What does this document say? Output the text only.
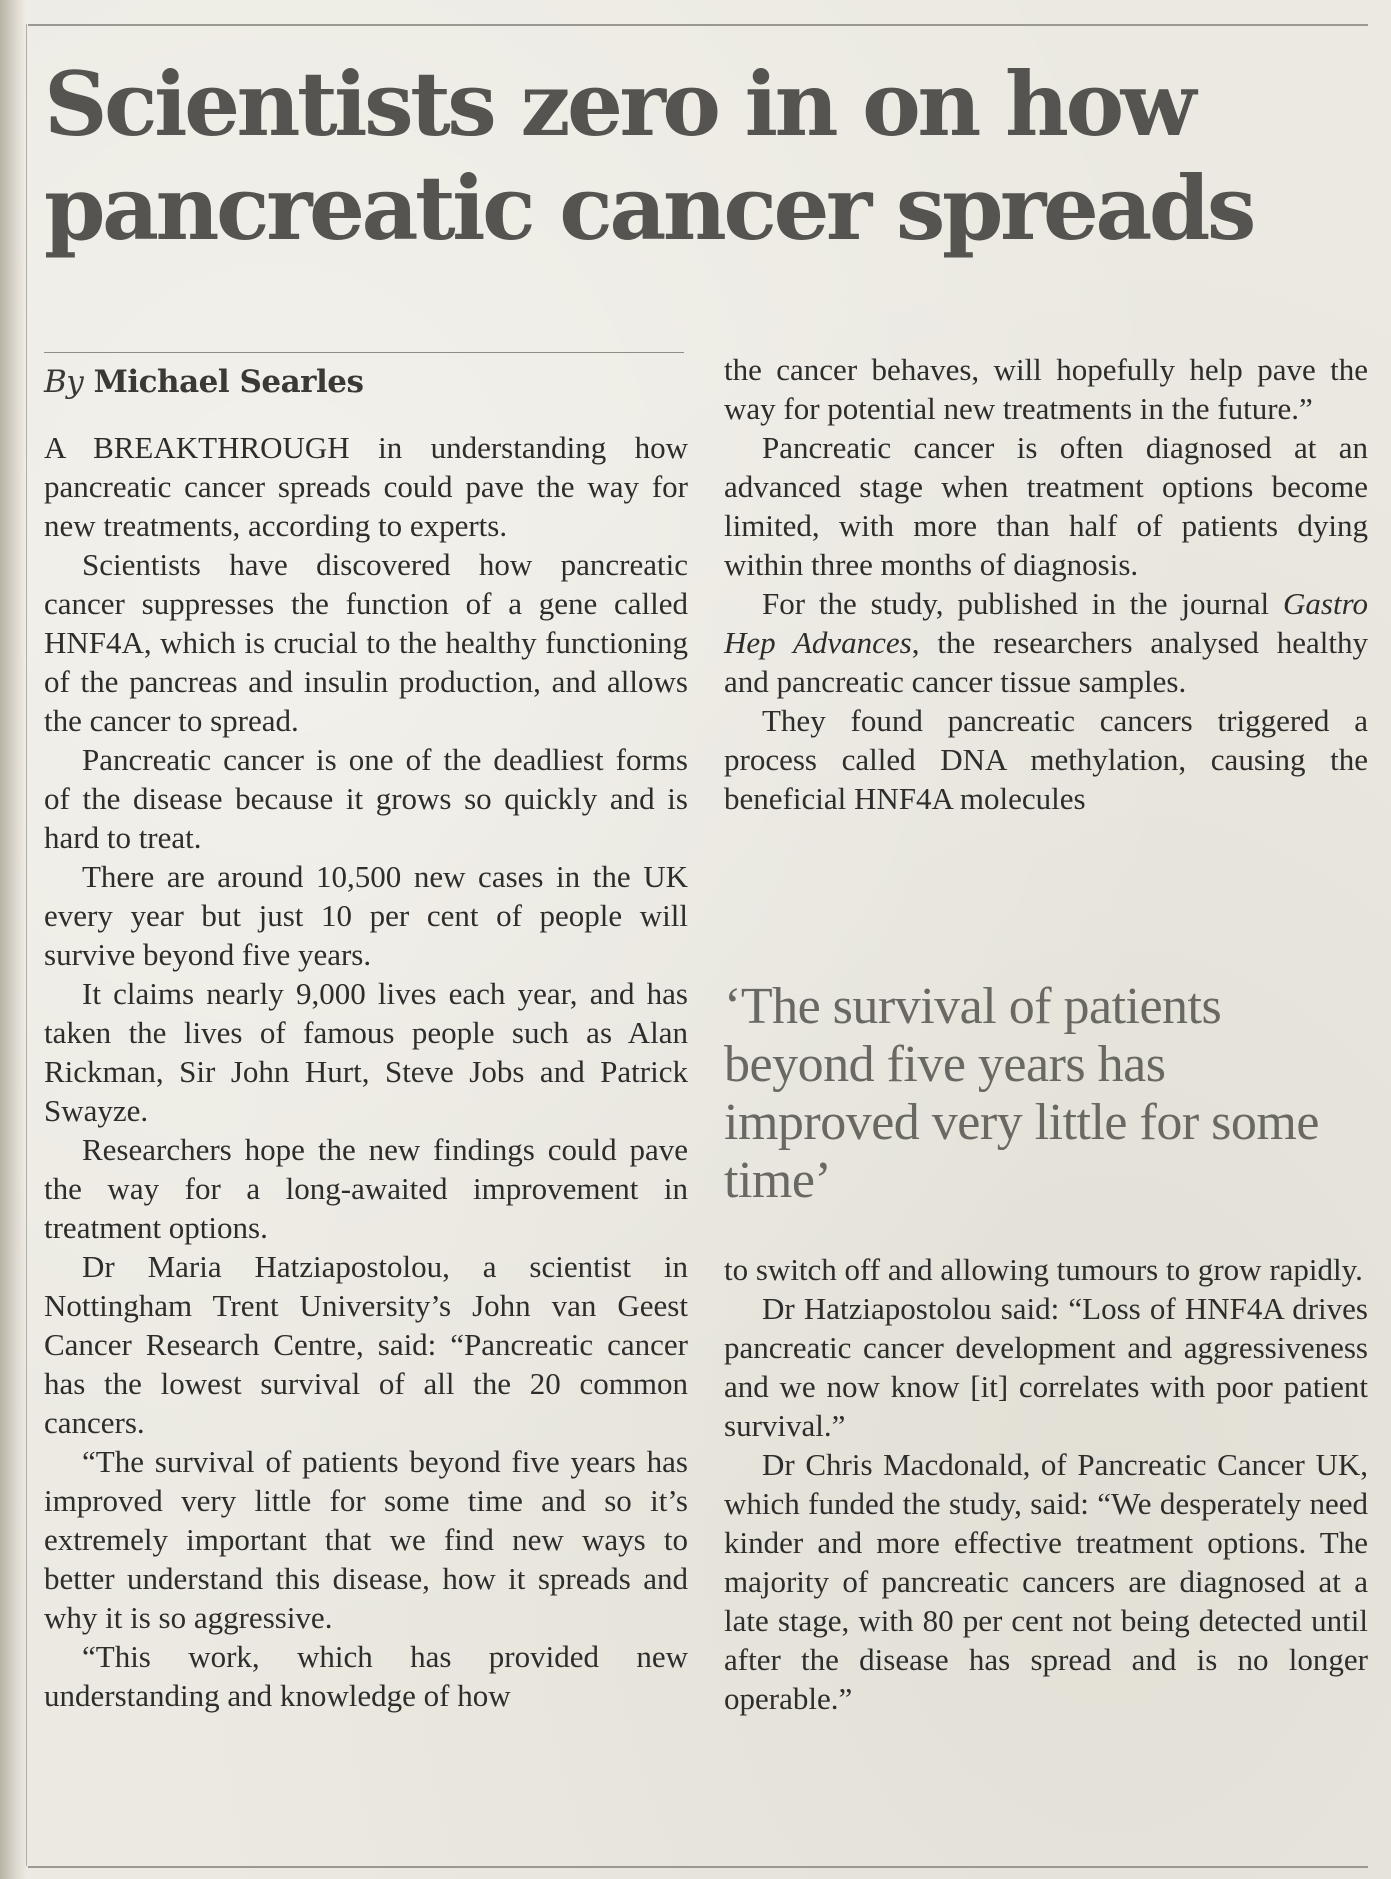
Scientists zero in on how
pancreatic cancer spreads
By Michael Searles

A BREAKTHROUGH in understanding how pancreatic cancer spreads could pave the way for new treatments, according to experts.

Scientists have discovered how pancreatic cancer suppresses the function of a gene called HNF4A, which is crucial to the healthy functioning of the pancreas and insulin production, and allows the cancer to spread.

Pancreatic cancer is one of the deadliest forms of the disease because it grows so quickly and is hard to treat.

There are around 10,500 new cases in the UK every year but just 10 per cent of people will survive beyond five years.

It claims nearly 9,000 lives each year, and has taken the lives of famous people such as Alan Rickman, Sir John Hurt, Steve Jobs and Patrick Swayze.

Researchers hope the new findings could pave the way for a long-awaited improvement in treatment options.

Dr Maria Hatziapostolou, a scientist in Nottingham Trent University’s John van Geest Cancer Research Centre, said: “Pancreatic cancer has the lowest survival of all the 20 common cancers.

“The survival of patients beyond five years has improved very little for some time and so it’s extremely important that we find new ways to better understand this disease, how it spreads and why it is so aggressive.

“This work, which has provided new understanding and knowledge of how

the cancer behaves, will hopefully help pave the way for potential new treatments in the future.”

Pancreatic cancer is often diagnosed at an advanced stage when treatment options become limited, with more than half of patients dying within three months of diagnosis.

For the study, published in the journal Gastro Hep Advances, the researchers analysed healthy and pancreatic cancer tissue samples.

They found pancreatic cancers triggered a process called DNA methylation, causing the beneficial HNF4A molecules

‘The survival of patients beyond five years has improved very little for some time’

to switch off and allowing tumours to grow rapidly.

Dr Hatziapostolou said: “Loss of HNF4A drives pancreatic cancer development and aggressiveness and we now know [it] correlates with poor patient survival.”

Dr Chris Macdonald, of Pancreatic Cancer UK, which funded the study, said: “We desperately need kinder and more effective treatment options. The majority of pancreatic cancers are diagnosed at a late stage, with 80 per cent not being detected until after the disease has spread and is no longer operable.”
